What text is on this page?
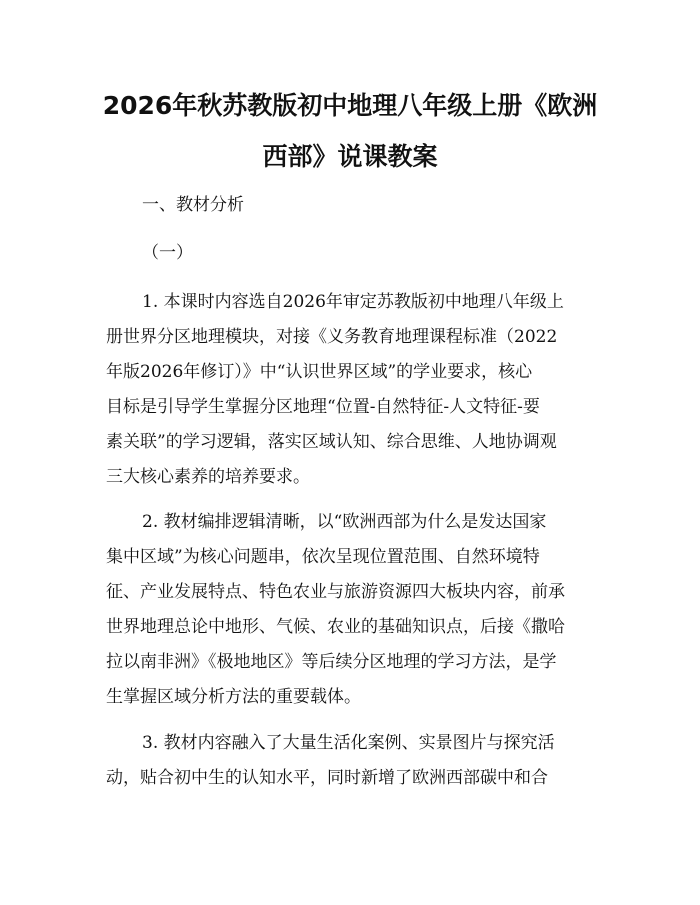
2026年秋苏教版初中地理八年级上册《欧洲
西部》说课教案

一、教材分析

（一）

1. 本课时内容选自2026年审定苏教版初中地理八年级上
册世界分区地理模块，对接《义务教育地理课程标准（2022
年版2026年修订）》中“认识世界区域”的学业要求，核心
目标是引导学生掌握分区地理“位置-自然特征-人文特征-要
素关联”的学习逻辑，落实区域认知、综合思维、人地协调观
三大核心素养的培养要求。
2. 教材编排逻辑清晰，以“欧洲西部为什么是发达国家
集中区域”为核心问题串，依次呈现位置范围、自然环境特
征、产业发展特点、特色农业与旅游资源四大板块内容，前承
世界地理总论中地形、气候、农业的基础知识点，后接《撒哈
拉以南非洲》《极地地区》等后续分区地理的学习方法，是学
生掌握区域分析方法的重要载体。
3. 教材内容融入了大量生活化案例、实景图片与探究活
动，贴合初中生的认知水平，同时新增了欧洲西部碳中和合
